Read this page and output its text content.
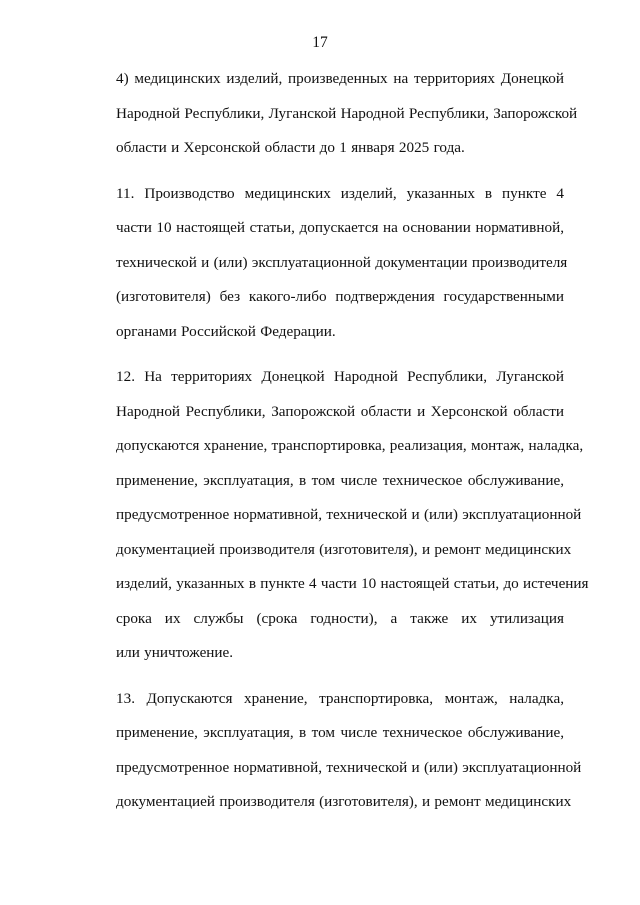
17

4) медицинских изделий, произведенных на территориях Донецкой
Народной Республики, Луганской Народной Республики, Запорожской
области и Херсонской области до 1 января 2025 года.

11. Производство медицинских изделий, указанных в пункте 4
части 10 настоящей статьи, допускается на основании нормативной,
технической и (или) эксплуатационной документации производителя
(изготовителя) без какого-либо подтверждения государственными
органами Российской Федерации.

12. На территориях Донецкой Народной Республики, Луганской
Народной Республики, Запорожской области и Херсонской области
допускаются хранение, транспортировка, реализация, монтаж, наладка,
применение, эксплуатация, в том числе техническое обслуживание,
предусмотренное нормативной, технической и (или) эксплуатационной
документацией производителя (изготовителя), и ремонт медицинских
изделий, указанных в пункте 4 части 10 настоящей статьи, до истечения
срока их службы (срока годности), а также их утилизация
или уничтожение.

13. Допускаются хранение, транспортировка, монтаж, наладка,
применение, эксплуатация, в том числе техническое обслуживание,
предусмотренное нормативной, технической и (или) эксплуатационной
документацией производителя (изготовителя), и ремонт медицинских
